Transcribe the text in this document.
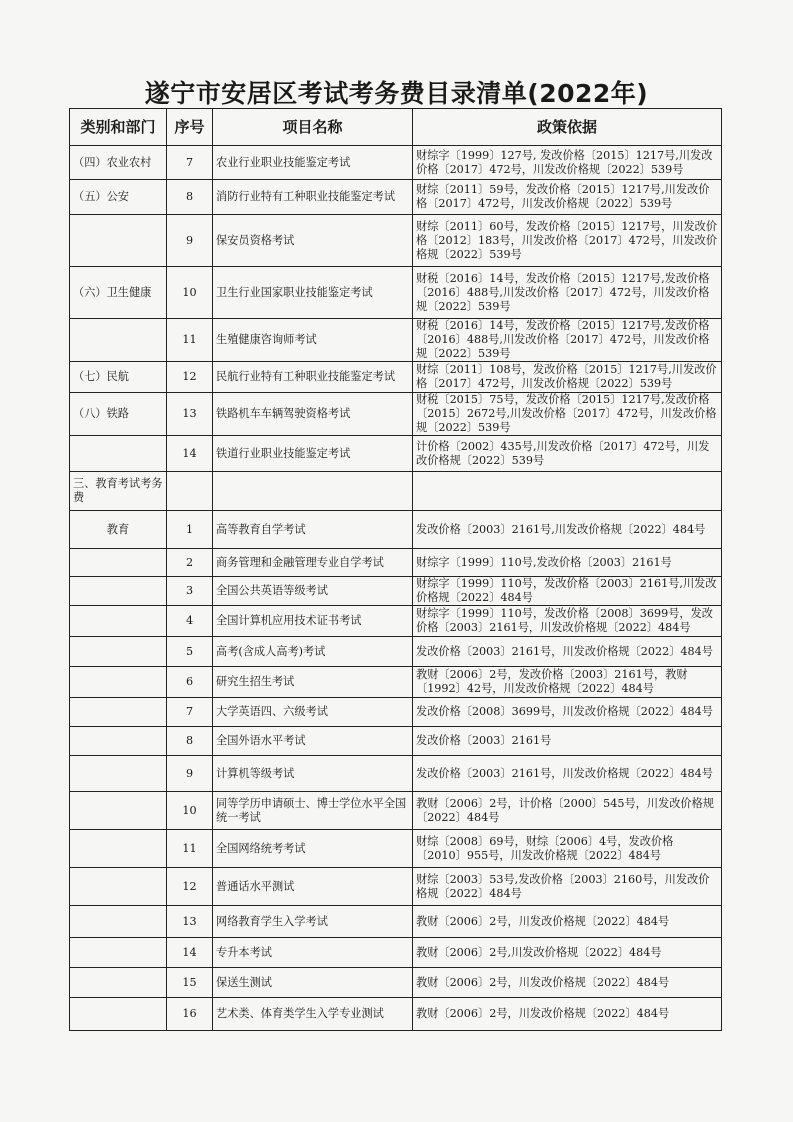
遂宁市安居区考试考务费目录清单(2022年)
类别和部门	序号	项目名称	政策依据
（四）农业农村	7	农业行业职业技能鉴定考试	财综字〔1999〕127号, 发改价格〔2015〕1217号,川发改价格〔2017〕472号，川发改价格规〔2022〕539号
（五）公安	8	消防行业特有工种职业技能鉴定考试	财综〔2011〕59号，发改价格〔2015〕1217号,川发改价格〔2017〕472号，川发改价格规〔2022〕539号
	9	保安员资格考试	财综〔2011〕60号，发改价格〔2015〕1217号，川发改价格〔2012〕183号，川发改价格〔2017〕472号，川发改价格规〔2022〕539号
（六）卫生健康	10	卫生行业国家职业技能鉴定考试	财税〔2016〕14号，发改价格〔2015〕1217号,发改价格〔2016〕488号,川发改价格〔2017〕472号，川发改价格规〔2022〕539号
	11	生殖健康咨询师考试	财税〔2016〕14号，发改价格〔2015〕1217号,发改价格〔2016〕488号,川发改价格〔2017〕472号，川发改价格规〔2022〕539号
（七）民航	12	民航行业特有工种职业技能鉴定考试	财综〔2011〕108号，发改价格〔2015〕1217号,川发改价格〔2017〕472号，川发改价格规〔2022〕539号
（八）铁路	13	铁路机车车辆驾驶资格考试	财税〔2015〕75号，发改价格〔2015〕1217号,发改价格〔2015〕2672号,川发改价格〔2017〕472号，川发改价格规〔2022〕539号
	14	铁道行业职业技能鉴定考试	计价格〔2002〕435号,川发改价格〔2017〕472号，川发改价格规〔2022〕539号
三、教育考试考务费			
教育	1	高等教育自学考试	发改价格〔2003〕2161号,川发改价格规〔2022〕484号
	2	商务管理和金融管理专业自学考试	财综字〔1999〕110号,发改价格〔2003〕2161号
	3	全国公共英语等级考试	财综字〔1999〕110号，发改价格〔2003〕2161号,川发改价格规〔2022〕484号
	4	全国计算机应用技术证书考试	财综字〔1999〕110号，发改价格〔2008〕3699号，发改价格〔2003〕2161号，川发改价格规〔2022〕484号
	5	高考(含成人高考)考试	发改价格〔2003〕2161号，川发改价格规〔2022〕484号
	6	研究生招生考试	教财〔2006〕2号，发改价格〔2003〕2161号，教财〔1992〕42号，川发改价格规〔2022〕484号
	7	大学英语四、六级考试	发改价格〔2008〕3699号，川发改价格规〔2022〕484号
	8	全国外语水平考试	发改价格〔2003〕2161号
	9	计算机等级考试	发改价格〔2003〕2161号，川发改价格规〔2022〕484号
	10	同等学历申请硕士、博士学位水平全国统一考试	教财〔2006〕2号，计价格〔2000〕545号，川发改价格规〔2022〕484号
	11	全国网络统考考试	财综〔2008〕69号，财综〔2006〕4号，发改价格〔2010〕955号，川发改价格规〔2022〕484号
	12	普通话水平测试	财综〔2003〕53号,发改价格〔2003〕2160号，川发改价格规〔2022〕484号
	13	网络教育学生入学考试	教财〔2006〕2号，川发改价格规〔2022〕484号
	14	专升本考试	教财〔2006〕2号,川发改价格规〔2022〕484号
	15	保送生测试	教财〔2006〕2号，川发改价格规〔2022〕484号
	16	艺术类、体育类学生入学专业测试	教财〔2006〕2号，川发改价格规〔2022〕484号
